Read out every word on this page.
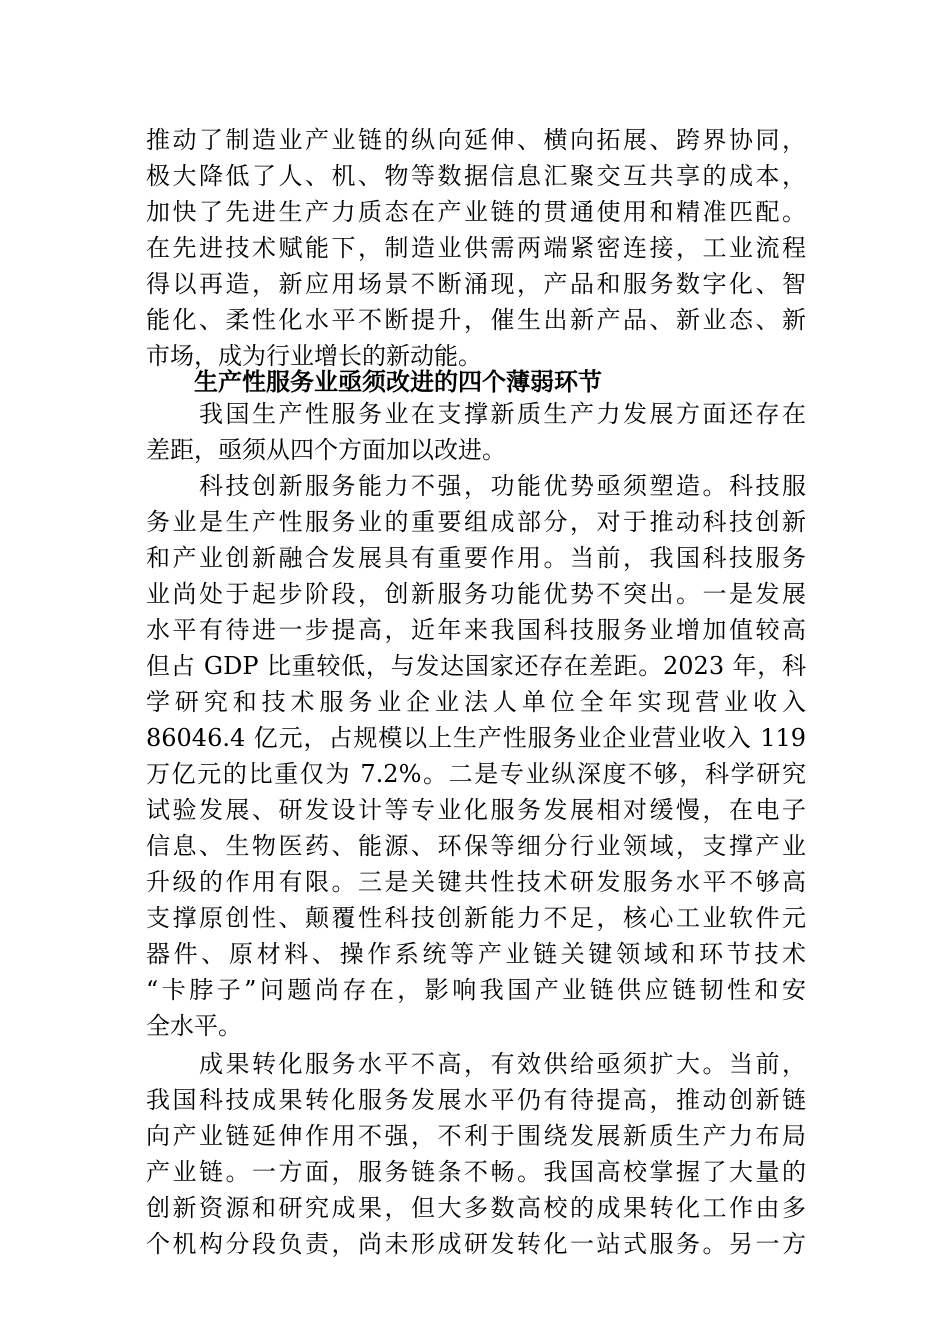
推动了制造业产业链的纵向延伸、横向拓展、跨界协同，
极大降低了人、机、物等数据信息汇聚交互共享的成本，
加快了先进生产力质态在产业链的贯通使用和精准匹配。
在先进技术赋能下，制造业供需两端紧密连接，工业流程
得以再造，新应用场景不断涌现，产品和服务数字化、智
能化、柔性化水平不断提升，催生出新产品、新业态、新
市场，成为行业增长的新动能。
生产性服务业亟须改进的四个薄弱环节
　　我国生产性服务业在支撑新质生产力发展方面还存在
差距，亟须从四个方面加以改进。
　　科技创新服务能力不强，功能优势亟须塑造。科技服
务业是生产性服务业的重要组成部分，对于推动科技创新
和产业创新融合发展具有重要作用。当前，我国科技服务
业尚处于起步阶段，创新服务功能优势不突出。一是发展
水平有待进一步提高，近年来我国科技服务业增加值较高
但占 GDP 比重较低，与发达国家还存在差距。2023 年，科
学研究和技术服务业企业法人单位全年实现营业收入
86046.4 亿元，占规模以上生产性服务业企业营业收入 119
万亿元的比重仅为 7.2%。二是专业纵深度不够，科学研究
试验发展、研发设计等专业化服务发展相对缓慢，在电子
信息、生物医药、能源、环保等细分行业领域，支撑产业
升级的作用有限。三是关键共性技术研发服务水平不够高
支撑原创性、颠覆性科技创新能力不足，核心工业软件元
器件、原材料、操作系统等产业链关键领域和环节技术
“卡脖子”问题尚存在，影响我国产业链供应链韧性和安
全水平。
　　成果转化服务水平不高，有效供给亟须扩大。当前，
我国科技成果转化服务发展水平仍有待提高，推动创新链
向产业链延伸作用不强，不利于围绕发展新质生产力布局
产业链。一方面，服务链条不畅。我国高校掌握了大量的
创新资源和研究成果，但大多数高校的成果转化工作由多
个机构分段负责，尚未形成研发转化一站式服务。另一方
